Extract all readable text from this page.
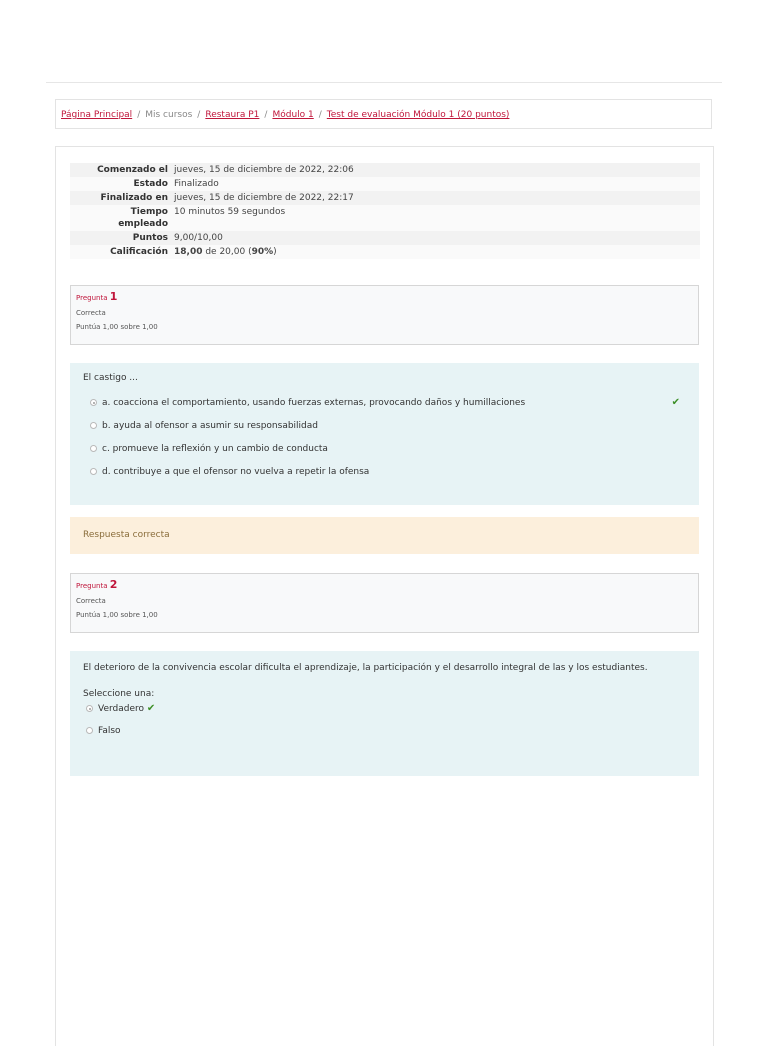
Página Principal / Mis cursos / Restaura P1 / Módulo 1 / Test de evaluación Módulo 1 (20 puntos)
Comenzado el	jueves, 15 de diciembre de 2022, 22:06
Estado	Finalizado
Finalizado en	jueves, 15 de diciembre de 2022, 22:17
Tiempo
empleado	10 minutos 59 segundos
Puntos	9,00/10,00
Calificación	18,00 de 20,00 (90%)
Pregunta 1
Correcta
Puntúa 1,00 sobre 1,00
El castigo ...
a. coacciona el comportamiento, usando fuerzas externas, provocando daños y humillaciones	✔
b. ayuda al ofensor a asumir su responsabilidad
c. promueve la reflexión y un cambio de conducta
d. contribuye a que el ofensor no vuelva a repetir la ofensa
Respuesta correcta
Pregunta 2
Correcta
Puntúa 1,00 sobre 1,00
El deterioro de la convivencia escolar dificulta el aprendizaje, la participación y el desarrollo integral de las y los estudiantes.
Seleccione una:
Verdadero ✔
Falso
